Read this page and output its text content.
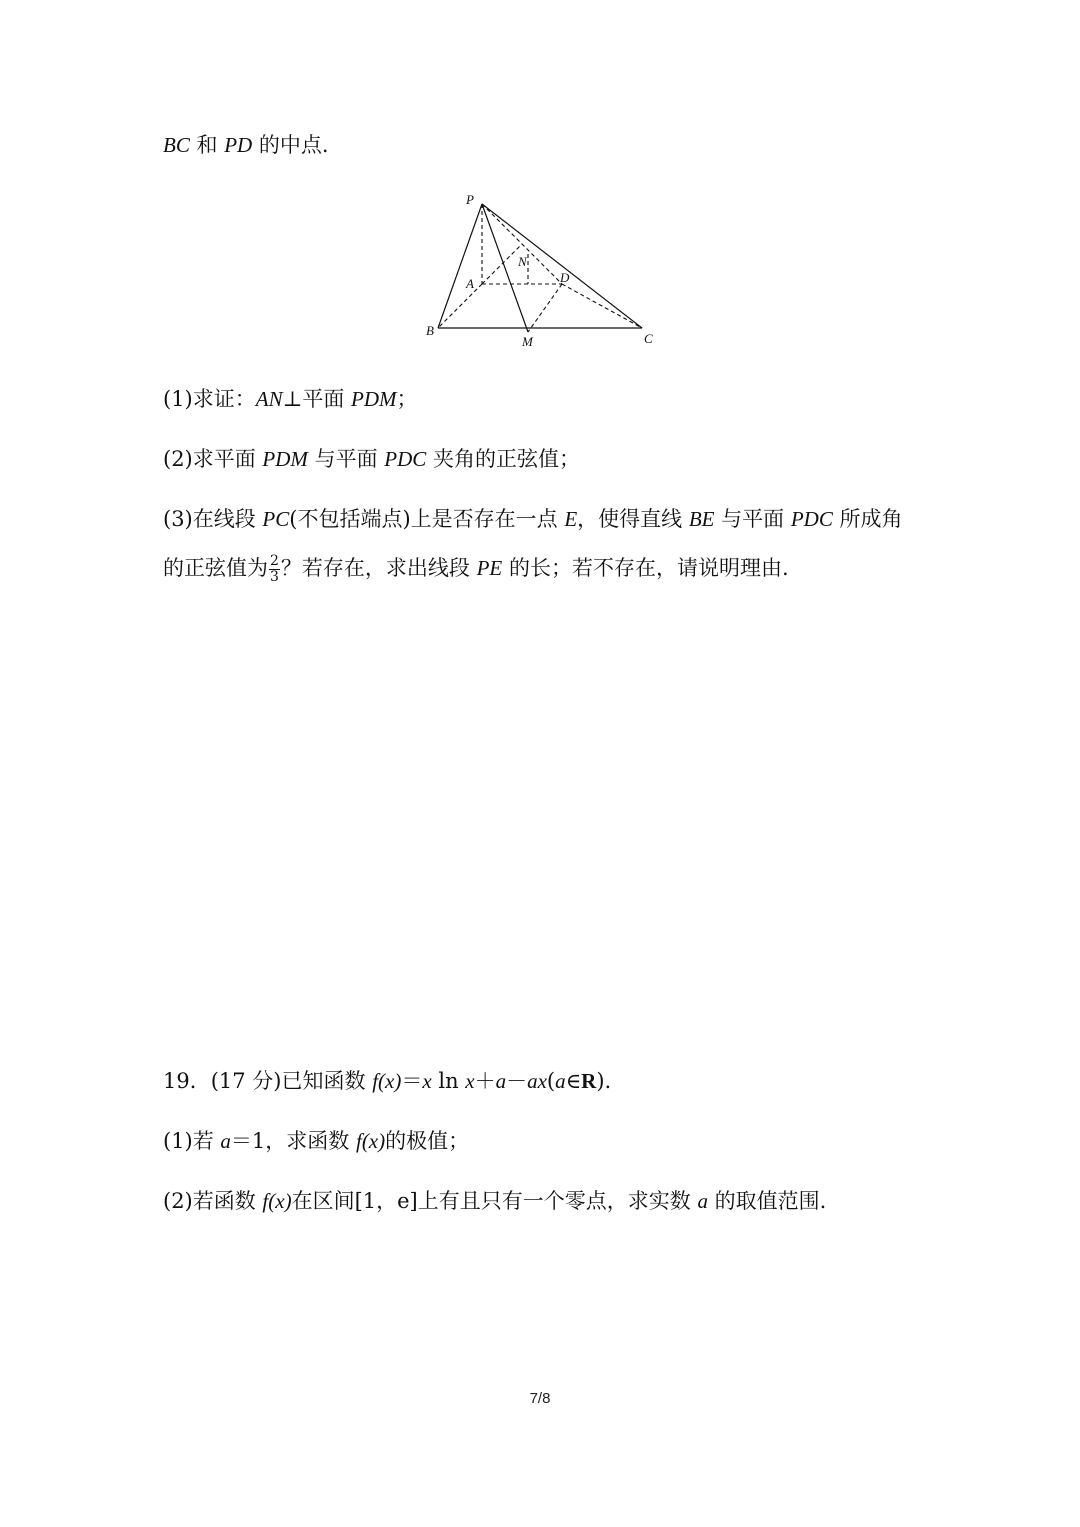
BC 和 PD 的中点.
P
N
A	D
B
M	C
(1)求证：AN⊥平面 PDM；
(2)求平面 PDM 与平面 PDC 夹角的正弦值；
(3)在线段 PC(不包括端点)上是否存在一点 E，使得直线 BE 与平面 PDC 所成角
的正弦值为 $\frac{2}{3}$ ？若存在，求出线段 PE 的长；若不存在，请说明理由.
19．(17 分)已知函数 f(x)＝x ln x＋a－ax(a∈R).
(1)若 a＝1，求函数 f(x)的极值；
(2)若函数 f(x)在区间[1，e]上有且只有一个零点，求实数 a 的取值范围.
7/8
